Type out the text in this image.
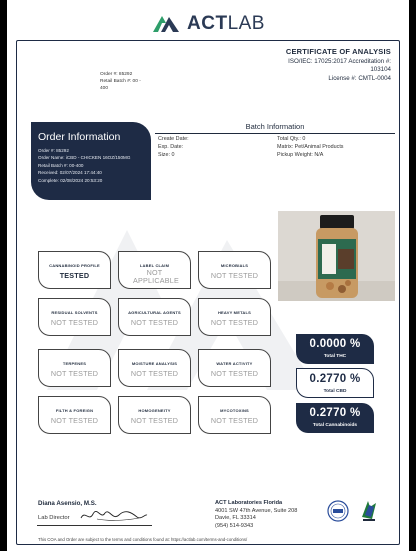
ACTLAB
CERTIFICATE OF ANALYSIS
ISO/IEC: 17025:2017 Accreditation #:
103104
License #: CMTL-0004
Order #: 85292
Retail Batch #: 00 -
400
Order Information
Order #: 85292
Order Name: iCBD - CHICKEN 16OZ/150MG
Retail Batch #: 00-400
Received: 02/07/2024 17:44:40
Complete: 02/08/2024 20:53:20
Batch Information
Create Date:
Exp. Date:
Size: 0
Total Qty.: 0
Matrix: Pet/Animal Products
Pickup Weight: N/A
CANNABINOID PROFILE
TESTED
LABEL CLAIM
NOT APPLICABLE
MICROBIALS
NOT TESTED
RESIDUAL SOLVENTS
NOT TESTED
AGRICULTURAL AGENTS
NOT TESTED
HEAVY METALS
NOT TESTED
TERPENES
NOT TESTED
MOISTURE ANALYSIS
NOT TESTED
WATER ACTIVITY
NOT TESTED
FILTH & FOREIGN
NOT TESTED
HOMOGENEITY
NOT TESTED
MYCOTOXINS
NOT TESTED
0.0000 %
Total THC
0.2770 %
Total CBD
0.2770 %
Total Cannabinoids
Diana Asensio, M.S.
Lab Director
ACT Laboratories Florida
4001 SW 47th Avenue, Suite 208
Davie, FL 33314
(954) 514-9343
This COA and Order are subject to the terms and conditions found at: https://actlab.com/terms-and-conditions/
